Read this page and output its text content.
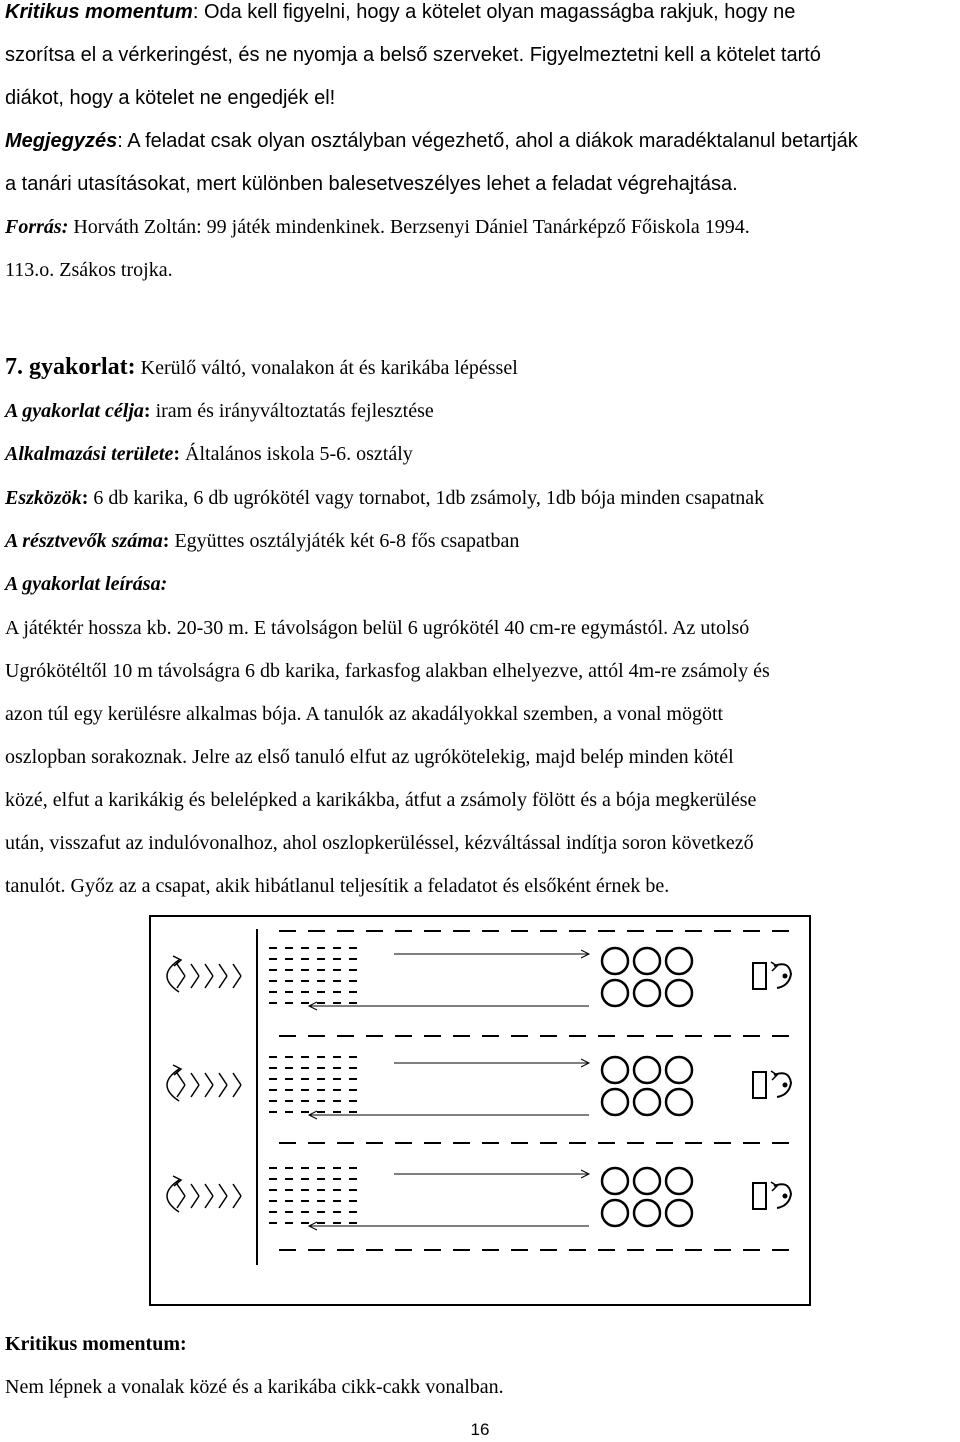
Kritikus momentum: Oda kell figyelni, hogy a kötelet olyan magasságba rakjuk, hogy ne
szorítsa el a vérkeringést, és ne nyomja a belső szerveket. Figyelmeztetni kell a kötelet tartó
diákot, hogy a kötelet ne engedjék el!
Megjegyzés: A feladat csak olyan osztályban végezhető, ahol a diákok maradéktalanul betartják
a tanári utasításokat, mert különben balesetveszélyes lehet a feladat végrehajtása.
Forrás: Horváth Zoltán: 99 játék mindenkinek. Berzsenyi Dániel Tanárképző Főiskola 1994.
113.o. Zsákos trojka.
7. gyakorlat: Kerülő váltó, vonalakon át és karikába lépéssel
A gyakorlat célja: iram és irányváltoztatás fejlesztése
Alkalmazási területe: Általános iskola 5-6. osztály
Eszközök: 6 db karika, 6 db ugrókötél vagy tornabot, 1db zsámoly, 1db bója minden csapatnak
A résztvevők száma: Együttes osztályjáték két 6-8 fős csapatban
A gyakorlat leírása:
A játéktér hossza kb. 20-30 m. E távolságon belül 6 ugrókötél 40 cm-re egymástól. Az utolsó
Ugrókötéltől 10 m távolságra 6 db karika, farkasfog alakban elhelyezve, attól 4m-re zsámoly és
azon túl egy kerülésre alkalmas bója. A tanulók az akadályokkal szemben, a vonal mögött
oszlopban sorakoznak. Jelre az első tanuló elfut az ugrókötelekig, majd belép minden kötél
közé, elfut a karikákig és belelépked a karikákba, átfut a zsámoly fölött és a bója megkerülése
után, visszafut az indulóvonalhoz, ahol oszlopkerüléssel, kézváltással indítja soron következő
tanulót. Győz az a csapat, akik hibátlanul teljesítik a feladatot és elsőként érnek be.
Kritikus momentum:
Nem lépnek a vonalak közé és a karikába cikk-cakk vonalban.
16
